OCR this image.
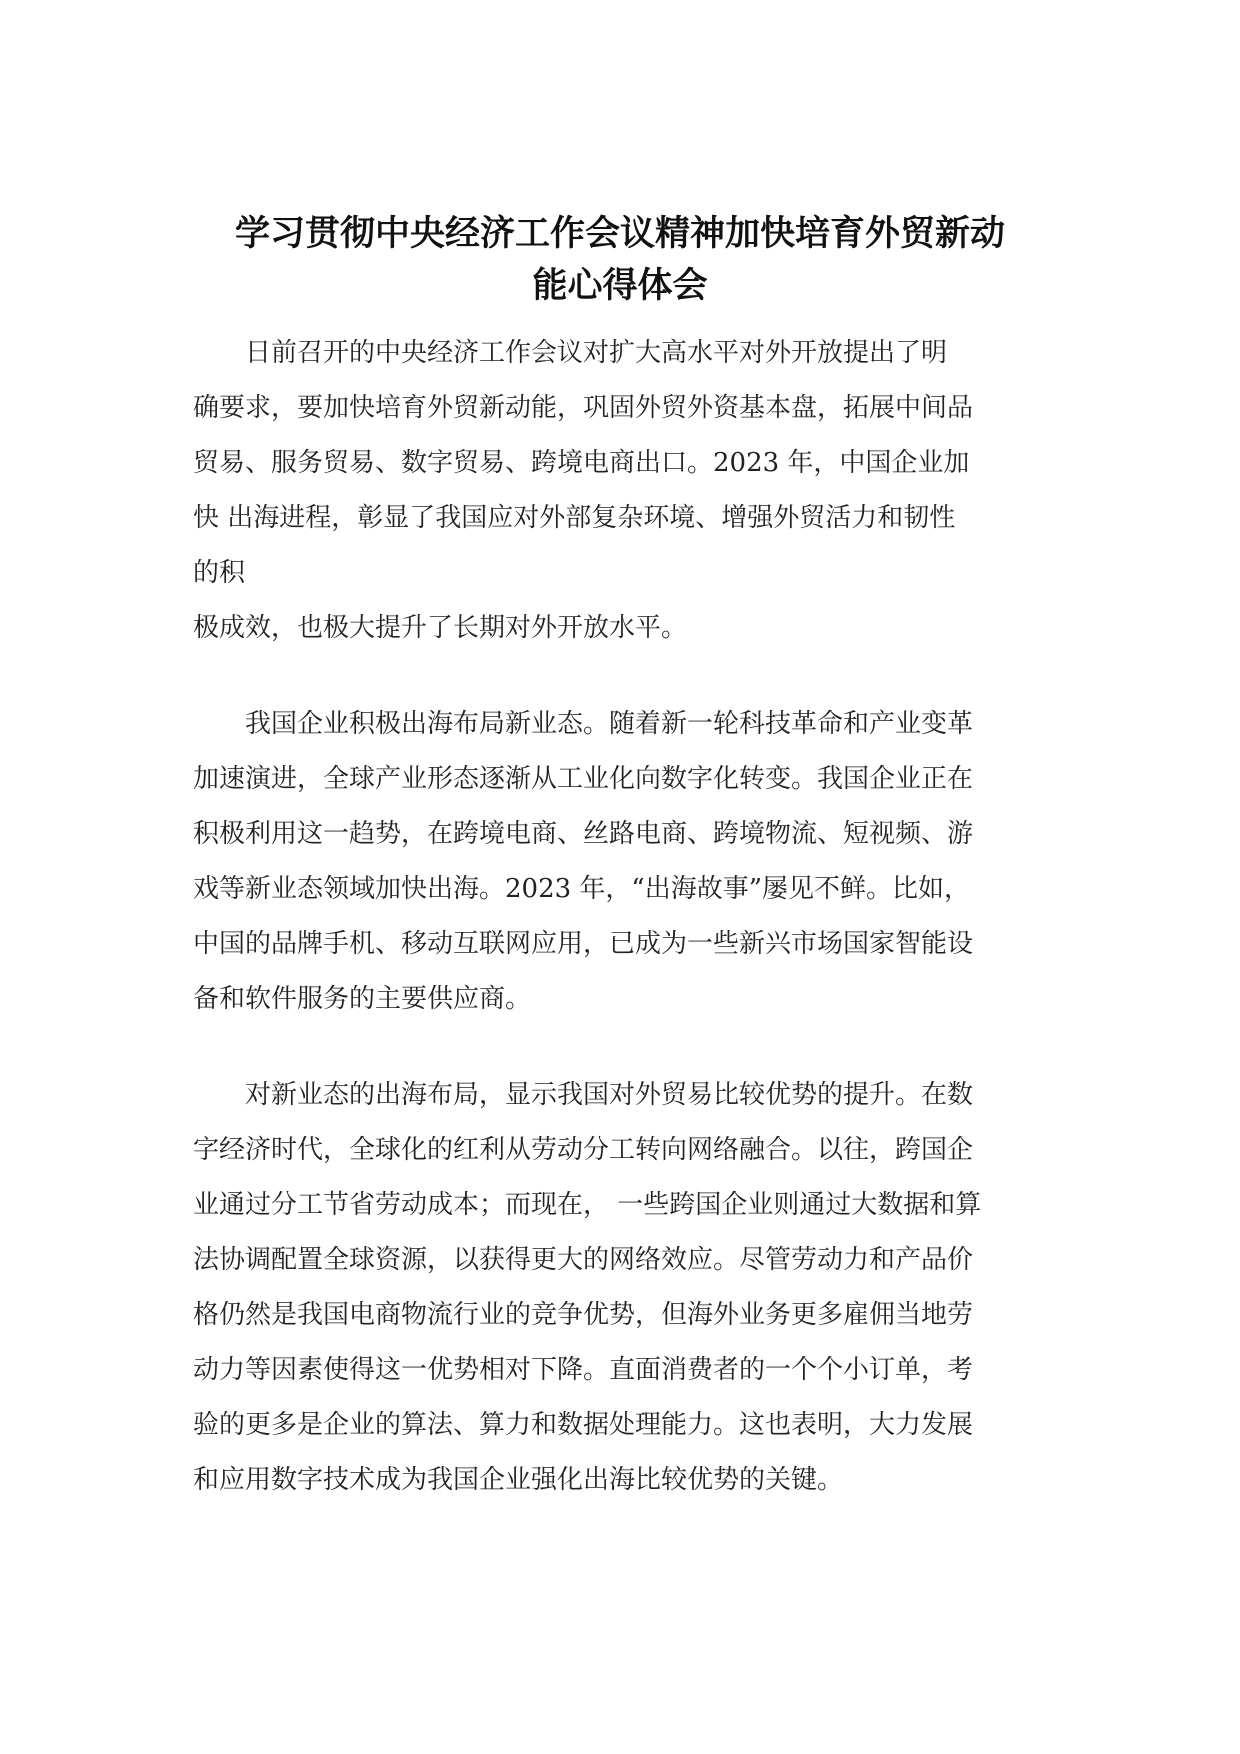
学习贯彻中央经济工作会议精神加快培育外贸新动
能心得体会
　　日前召开的中央经济工作会议对扩大高水平对外开放提出了明
确要求，要加快培育外贸新动能，巩固外贸外资基本盘，拓展中间品
贸易、服务贸易、数字贸易、跨境电商出口。2023 年，中国企业加
快 出海进程，彰显了我国应对外部复杂环境、增强外贸活力和韧性
的积
极成效，也极大提升了长期对外开放水平。
　　我国企业积极出海布局新业态。随着新一轮科技革命和产业变革
加速演进，全球产业形态逐渐从工业化向数字化转变。我国企业正在
积极利用这一趋势，在跨境电商、丝路电商、跨境物流、短视频、游
戏等新业态领域加快出海。2023 年，“出海故事”屡见不鲜。比如，
中国的品牌手机、移动互联网应用，已成为一些新兴市场国家智能设
备和软件服务的主要供应商。
　　对新业态的出海布局，显示我国对外贸易比较优势的提升。在数
字经济时代，全球化的红利从劳动分工转向网络融合。以往，跨国企
业通过分工节省劳动成本；而现在， 一些跨国企业则通过大数据和算
法协调配置全球资源，以获得更大的网络效应。尽管劳动力和产品价
格仍然是我国电商物流行业的竞争优势，但海外业务更多雇佣当地劳
动力等因素使得这一优势相对下降。直面消费者的一个个小订单，考
验的更多是企业的算法、算力和数据处理能力。这也表明，大力发展
和应用数字技术成为我国企业强化出海比较优势的关键。
